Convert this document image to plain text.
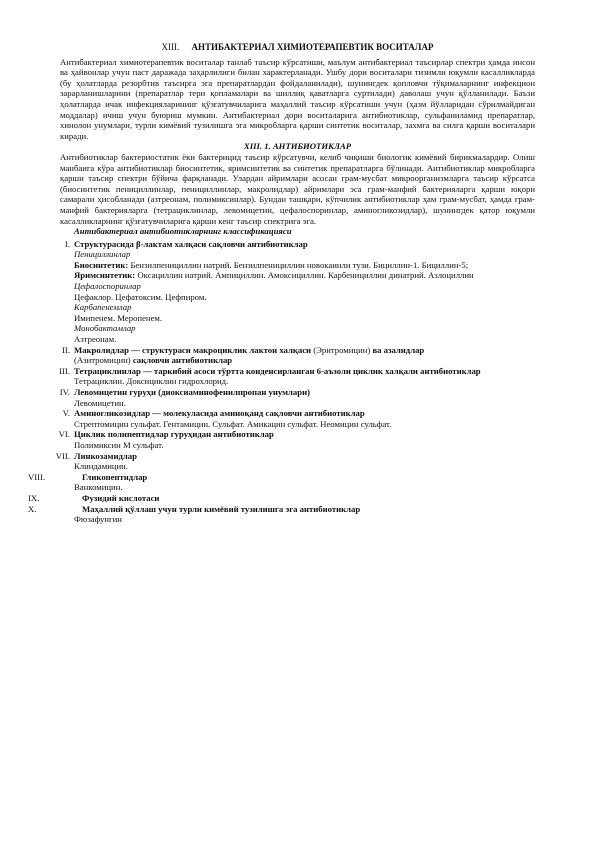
XIII. АНТИБАКТЕРИАЛ ХИМИОТЕРАПЕВТИК ВОСИТАЛАР

Антибактериал химиотерапевтик воситалар танлаб таъсир кўрсатиши, маълум антибактериал таъсирлар спектри ҳамда инсон ва ҳайвонлар учун паст даражада заҳарлилиги билан характерланади. Ушбу дори воситалари тизимли юқумли касалликларда (бу ҳолатларда резорбтив таъсирга эга препаратлардан фойдаланилади), шунингдек қопловчи тўқималарнинг инфекцион зарарланишларини (препаратлар тери қопламалари ва шиллиқ қаватларга суртилади) даволаш учун қўлланилади. Баъзи ҳолатларда ичак инфекцияларининг қўзғатувчиларига маҳаллий таъсир кўрсатиши учун (ҳазм йўлларидан сўрилмайдиган моддалар) ичиш учун буюриш мумкин. Антибактериал дори воситаларига антибиотиклар, сульфаниламид препаратлар, хинолон унумлари, турли кимёвий тузилишга эга микробларга қарши синтетик воситалар, захмга ва силга қарши воситалари киради.

XIII. 1. АНТИБИОТИКЛАР

Антибиотиклар бактериостатик ёки бактерицид таъсир кўрсатувчи, келиб чиқиши биологик кимёвий бирикмалардир. Олиш манбаига кўра антибиотиклар биосинтетик, яримсинтетик ва синтетик препаратларга бўлинади. Антибиотиклар микробларга қарши таъсир спектри бўйича фарқланади. Улардан айримлари асосан грам-мусбат микроорганизмларга таъсир кўрсатса (биосинтетик пенициллинлар, пенициллинлар, макролидлар) айримлари эса грам-манфий бактерияларга қарши юқори самарали ҳисобланади (азтреонам, полимиксинлар). Бундан ташқари, кўпчилик антибиотиклар ҳам грам-мусбат, ҳамда грам-манфий бактерияларга (тетрациклинлар, левомицетин, цефалоспоринлар, аминогликозидлар), шунингдек қатор юқумли касалликларнинг қўзғатувчиларига қарши кенг таъсир спектрига эга.

Антибактериал антибиотикларнинг классификацияси
I. Структурасида β-лактам халқаси сақловчи антибиотиклар
Пенициллинлар

Биосинтетик: Бензилпенициллин натрий. Бензилпенициллин новокаинли тузи. Бициллин-1. Бициллин-5;

Яримсинтетик: Оксациллин натрий. Ампициллин. Амоксициллин. Карбенициллин динатрий. Азлоциллин

Цефалоспоринлар
Цефаклор. Цефатоксим. Цефпиром.
Карбапенемлар
Имипенем. Меропенем.
Монобактамлар
Азтреонам.
II. Макролидлар — структураси макроциклик лактон халқаси (Эритромицин) ва азалидлар

(Азитромицин) сақловчи антибиотиклар
III. Тетрациклинлар — таркибий асоси тўртта конденсирланган 6-аъзоли циклик халқали антибиотиклар

Тетрациклин. Доксициклин гидрохлорид.
IV. Левомицетин гуруҳи (диоксиаминофенилпропан унумлари)
Левомицетин.
V. Аминогликозидлар — молекуласида аминоқанд сақловчи антибиотиклар
Стрептомицин сульфат. Гентамицин. Сульфат. Амикацин сульфат. Неомицин сульфат.
VI. Циклик полипептидлар гуруҳидан антибиотиклар
Полимиксин М сульфат.
VII. Линкозамидлар
Клиндамицин.
VIII.	Гликопептидлар
Ванкомицин.
IX.	Фузидий кислотаси
X.	Маҳаллий қўллаш учун турли кимёвий тузилишга эга антибиотиклар
Фюзафунгин
